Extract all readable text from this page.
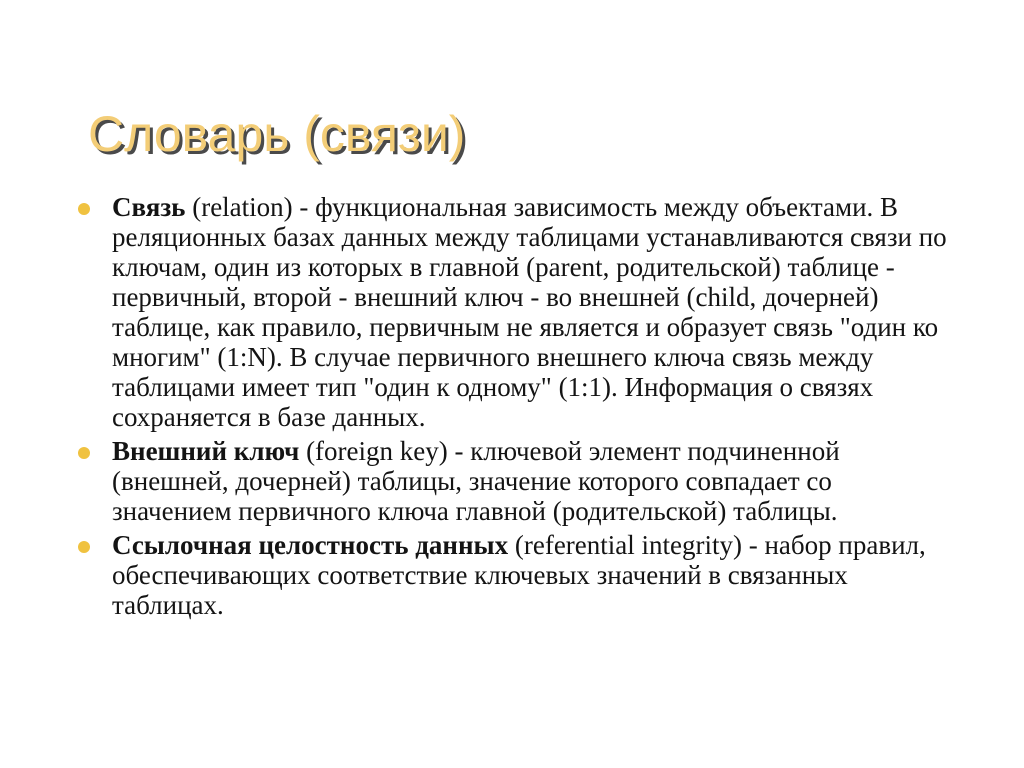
Словарь (связи)
Связь (relation) - функциональная зависимость между объектами. В реляционных базах данных между таблицами устанавливаются связи по ключам, один из которых в главной (parent, родительской) таблице - первичный, второй - внешний ключ - во внешней (child, дочерней) таблице, как правило, первичным не является и образует связь "один ко многим" (1:N). В случае первичного внешнего ключа связь между таблицами имеет тип "один к одному" (1:1). Информация о связях сохраняется в базе данных.
Внешний ключ (foreign key) - ключевой элемент подчиненной (внешней, дочерней) таблицы, значение которого совпадает со значением первичного ключа главной (родительской) таблицы.
Ссылочная целостность данных (referential integrity) - набор правил, обеспечивающих соответствие ключевых значений в связанных таблицах.
